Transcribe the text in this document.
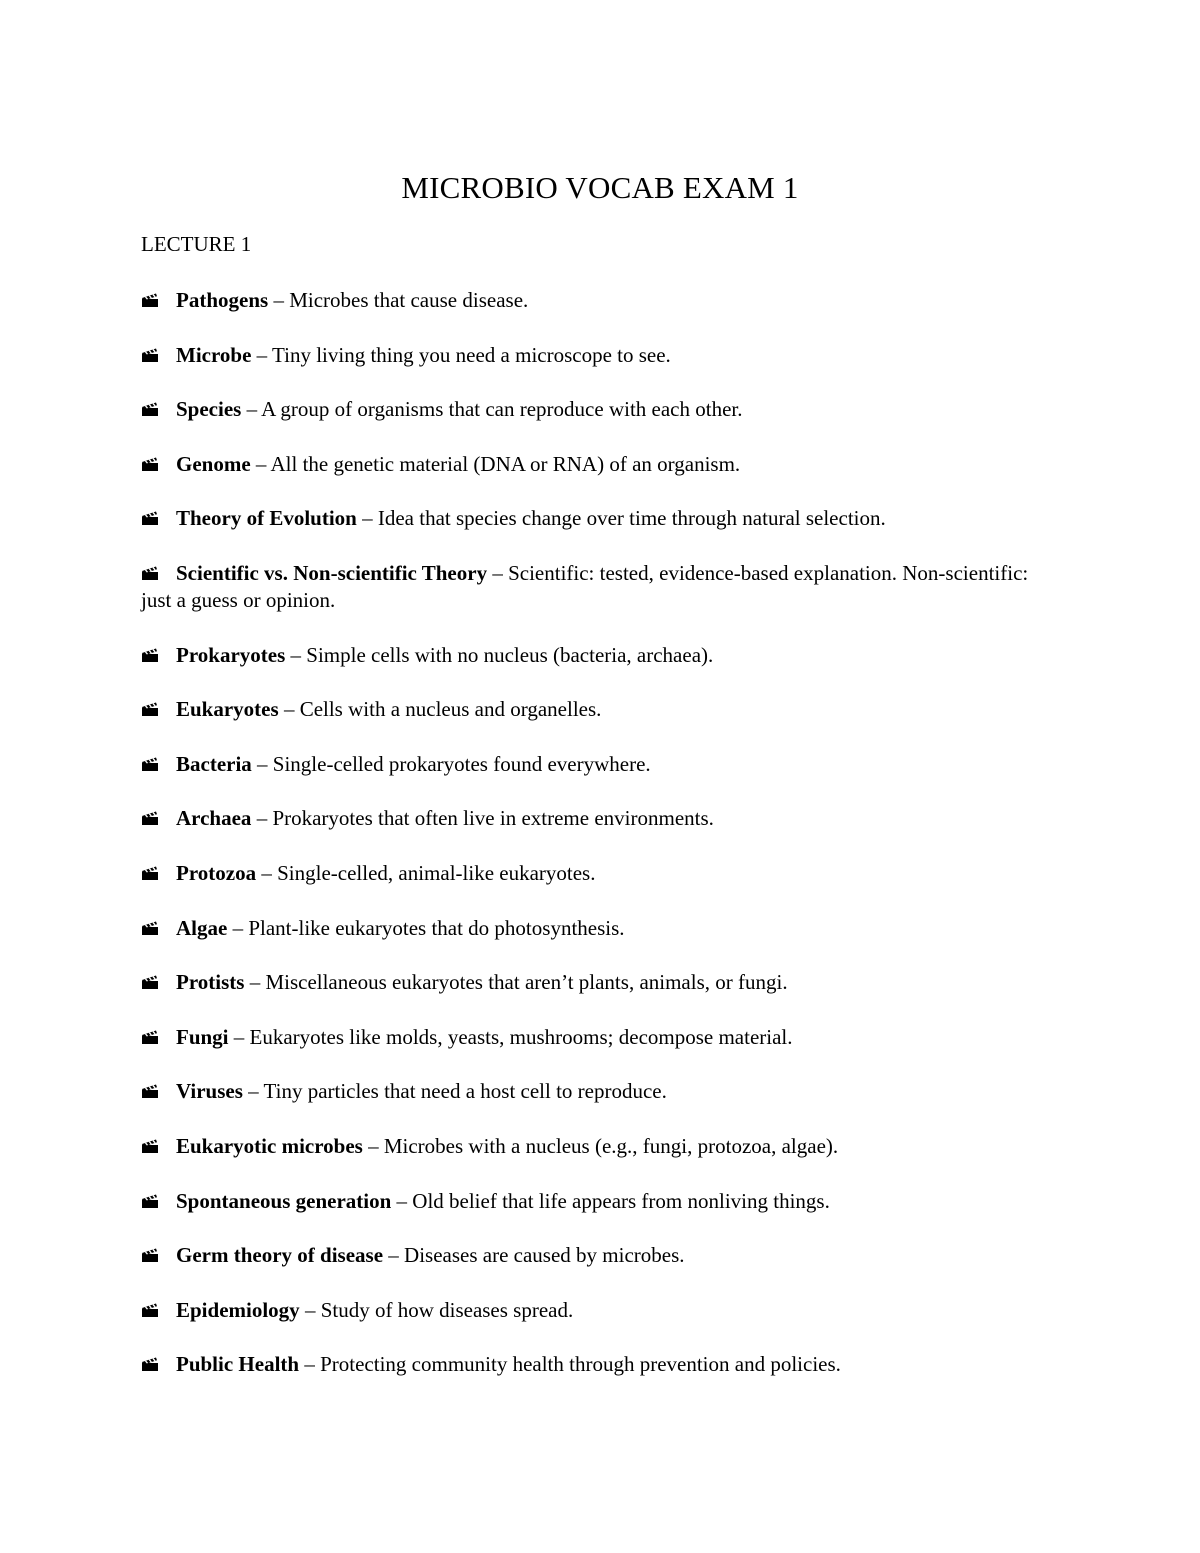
MICROBIO VOCAB EXAM 1
LECTURE 1
Pathogens – Microbes that cause disease.
Microbe – Tiny living thing you need a microscope to see.
Species – A group of organisms that can reproduce with each other.
Genome – All the genetic material (DNA or RNA) of an organism.
Theory of Evolution – Idea that species change over time through natural selection.
Scientific vs. Non-scientific Theory – Scientific: tested, evidence-based explanation. Non-scientific: just a guess or opinion.
Prokaryotes – Simple cells with no nucleus (bacteria, archaea).
Eukaryotes – Cells with a nucleus and organelles.
Bacteria – Single-celled prokaryotes found everywhere.
Archaea – Prokaryotes that often live in extreme environments.
Protozoa – Single-celled, animal-like eukaryotes.
Algae – Plant-like eukaryotes that do photosynthesis.
Protists – Miscellaneous eukaryotes that aren’t plants, animals, or fungi.
Fungi – Eukaryotes like molds, yeasts, mushrooms; decompose material.
Viruses – Tiny particles that need a host cell to reproduce.
Eukaryotic microbes – Microbes with a nucleus (e.g., fungi, protozoa, algae).
Spontaneous generation – Old belief that life appears from nonliving things.
Germ theory of disease – Diseases are caused by microbes.
Epidemiology – Study of how diseases spread.
Public Health – Protecting community health through prevention and policies.
